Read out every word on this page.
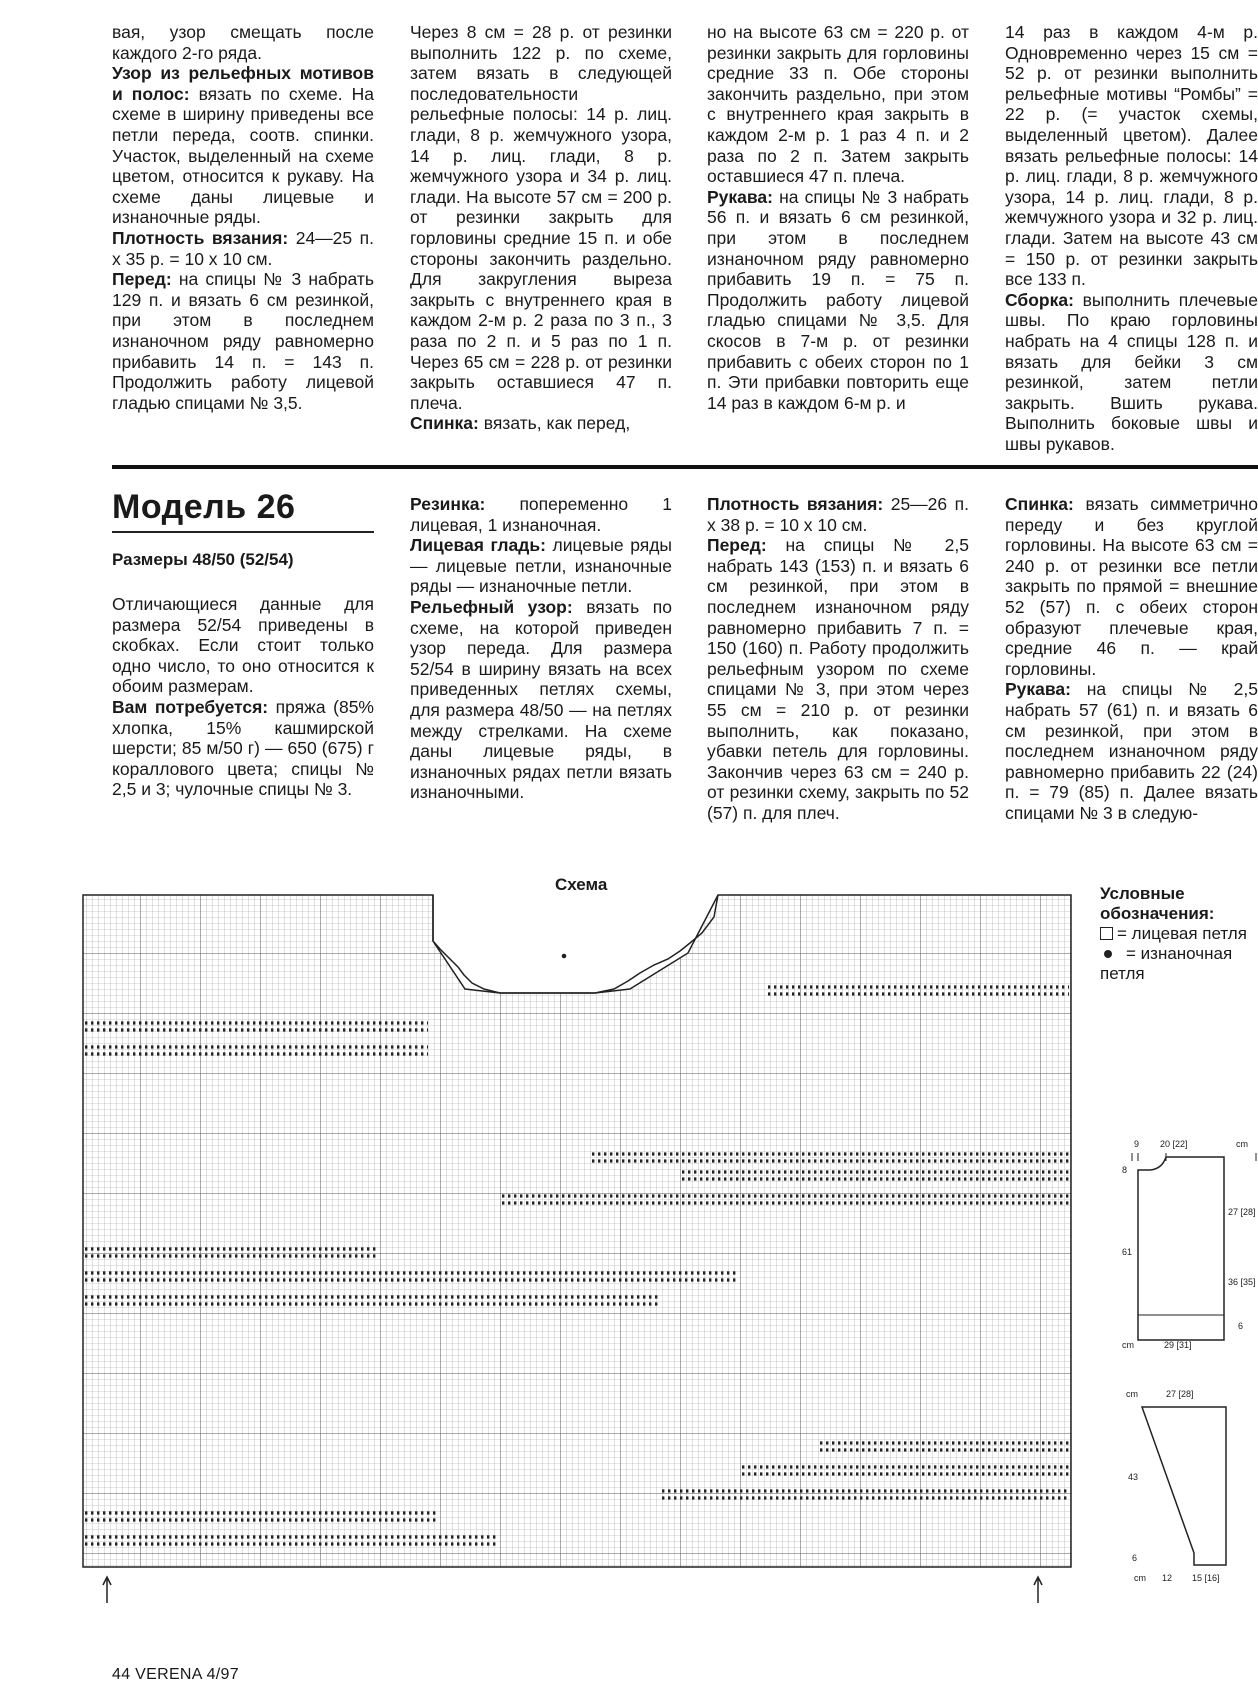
вая, узор смещать после каждого 2-го ряда.

Узор из рельефных мотивов и полос: вязать по схеме. На схеме в ширину приведены все петли переда, соотв. спинки. Участок, выделенный на схеме цветом, относится к рукаву. На схеме даны лицевые и изнаночные ряды.

Плотность вязания: 24—25 п. х 35 р. = 10 х 10 см.

Перед: на спицы № 3 набрать 129 п. и вязать 6 см резинкой, при этом в последнем изнаночном ряду равномерно прибавить 14 п. = 143 п. Продолжить работу лицевой гладью спицами № 3,5.

Через 8 см = 28 р. от резинки выполнить 122 р. по схеме, затем вязать в следующей последовательности рельефные полосы: 14 р. лиц. глади, 8 р. жемчужного узора, 14 р. лиц. глади, 8 р. жемчужного узора и 34 р. лиц. глади. На высоте 57 см = 200 р. от резинки закрыть для горловины средние 15 п. и обе стороны закончить раздельно. Для закругления выреза закрыть с внутреннего края в каждом 2-м р. 2 раза по 3 п., 3 раза по 2 п. и 5 раз по 1 п. Через 65 см = 228 р. от резинки закрыть оставшиеся 47 п. плеча.

Спинка: вязать, как перед,

но на высоте 63 см = 220 р. от резинки закрыть для горловины средние 33 п. Обе стороны закончить раздельно, при этом с внутреннего края закрыть в каждом 2-м р. 1 раз 4 п. и 2 раза по 2 п. Затем закрыть оставшиеся 47 п. плеча.

Рукава: на спицы № 3 набрать 56 п. и вязать 6 см резинкой, при этом в последнем изнаночном ряду равномерно прибавить 19 п. = 75 п. Продолжить работу лицевой гладью спицами № 3,5. Для скосов в 7-м р. от резинки прибавить с обеих сторон по 1 п. Эти прибавки повторить еще 14 раз в каждом 6-м р. и

14 раз в каждом 4-м р. Одновременно через 15 см = 52 р. от резинки выполнить рельефные мотивы “Ромбы” = 22 р. (= участок схемы, выделенный цветом). Далее вязать рельефные полосы: 14 р. лиц. глади, 8 р. жемчужного узора, 14 р. лиц. глади, 8 р. жемчужного узора и 32 р. лиц. глади. Затем на высоте 43 см = 150 р. от резинки закрыть все 133 п.

Сборка: выполнить плечевые швы. По краю горловины набрать на 4 спицы 128 п. и вязать для бейки 3 см резинкой, затем петли закрыть. Вшить рукава. Выполнить боковые швы и швы рукавов.

Модель 26
Размеры 48/50 (52/54)

Отличающиеся данные для размера 52/54 приведены в скобках. Если стоит только одно число, то оно относится к обоим размерам.

Вам потребуется: пряжа (85% хлопка, 15% кашмирской шерсти; 85 м/50 г) — 650 (675) г кораллового цвета; спицы № 2,5 и 3; чулочные спицы № 3.

Резинка: попеременно 1 лицевая, 1 изнаночная.

Лицевая гладь: лицевые ряды — лицевые петли, изнаночные ряды — изнаночные петли.

Рельефный узор: вязать по схеме, на которой приведен узор переда. Для размера 52/54 в ширину вязать на всех приведенных петлях схемы, для размера 48/50 — на петлях между стрелками. На схеме даны лицевые ряды, в изнаночных рядах петли вязать изнаночными.

Плотность вязания: 25—26 п. х 38 р. = 10 х 10 см.

Перед: на спицы № 2,5 набрать 143 (153) п. и вязать 6 см резинкой, при этом в последнем изнаночном ряду равномерно прибавить 7 п. = 150 (160) п. Работу продолжить рельефным узором по схеме спицами № 3, при этом через 55 см = 210 р. от резинки выполнить, как показано, убавки петель для горловины. Закончив через 63 см = 240 р. от резинки схему, закрыть по 52 (57) п. для плеч.

Спинка: вязать симметрично переду и без круглой горловины. На высоте 63 см = 240 р. от резинки все петли закрыть по прямой = внешние 52 (57) п. с обеих сторон образуют плечевые края, средние 46 п. — край горловины.

Рукава: на спицы № 2,5 набрать 57 (61) п. и вязать 6 см резинкой, при этом в последнем изнаночном ряду равномерно прибавить 22 (24) п. = 79 (85) п. Далее вязать спицами № 3 в следую-

Схема	Условные обозначения:
= лицевая петля
= изнаночная петля
9 20 [22]	cm
8
27 [28]
61
36 [35]
6
cm	29 [31]
cm	27 [28]
43
6
cm 12 15 [16]
44 VERENA 4/97
